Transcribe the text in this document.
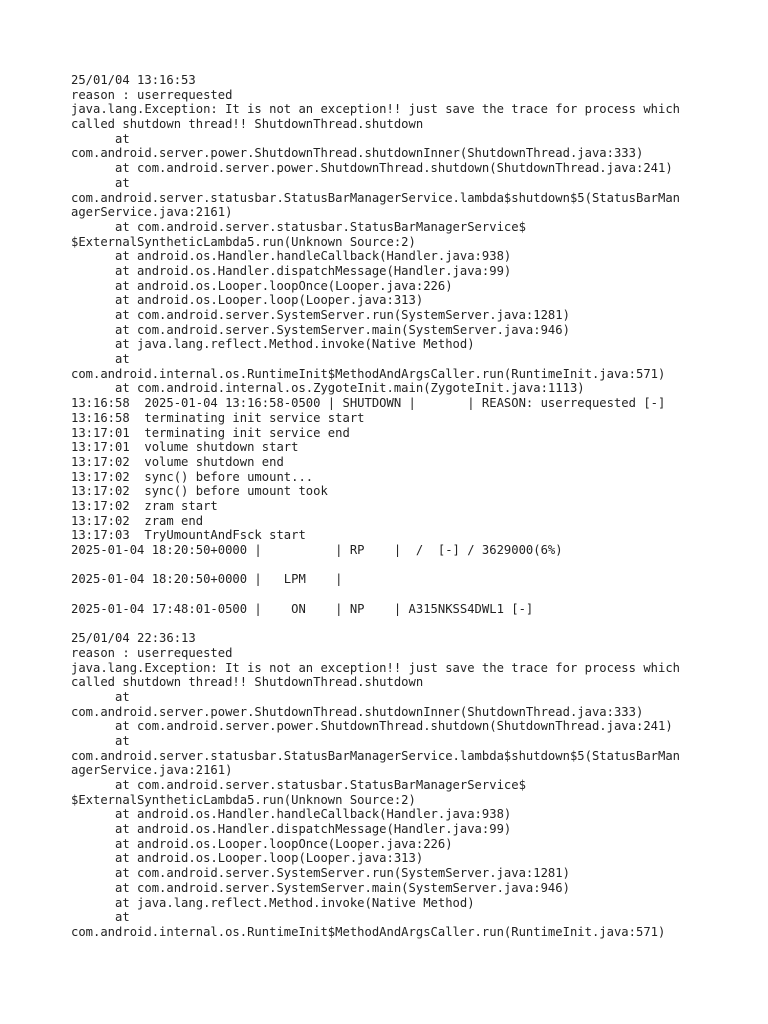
25/01/04 13:16:53
reason : userrequested
java.lang.Exception: It is not an exception!! just save the trace for process which
called shutdown thread!! ShutdownThread.shutdown
at
com.android.server.power.ShutdownThread.shutdownInner(ShutdownThread.java:333)
at com.android.server.power.ShutdownThread.shutdown(ShutdownThread.java:241)
at
com.android.server.statusbar.StatusBarManagerService.lambda$shutdown$5(StatusBarMan
agerService.java:2161)
at com.android.server.statusbar.StatusBarManagerService$
$ExternalSyntheticLambda5.run(Unknown Source:2)
at android.os.Handler.handleCallback(Handler.java:938)
at android.os.Handler.dispatchMessage(Handler.java:99)
at android.os.Looper.loopOnce(Looper.java:226)
at android.os.Looper.loop(Looper.java:313)
at com.android.server.SystemServer.run(SystemServer.java:1281)
at com.android.server.SystemServer.main(SystemServer.java:946)
at java.lang.reflect.Method.invoke(Native Method)
at
com.android.internal.os.RuntimeInit$MethodAndArgsCaller.run(RuntimeInit.java:571)
at com.android.internal.os.ZygoteInit.main(ZygoteInit.java:1113)
13:16:58  2025-01-04 13:16:58-0500 | SHUTDOWN |       | REASON: userrequested [-]
13:16:58  terminating init service start
13:17:01  terminating init service end
13:17:01  volume shutdown start
13:17:02  volume shutdown end
13:17:02  sync() before umount...
13:17:02  sync() before umount took
13:17:02  zram start
13:17:02  zram end
13:17:03  TryUmountAndFsck start
2025-01-04 18:20:50+0000 |          | RP    |  /  [-] / 3629000(6%)
2025-01-04 18:20:50+0000 |   LPM    |
2025-01-04 17:48:01-0500 |    ON    | NP    | A315NKSS4DWL1 [-]
25/01/04 22:36:13
reason : userrequested
java.lang.Exception: It is not an exception!! just save the trace for process which
called shutdown thread!! ShutdownThread.shutdown
at
com.android.server.power.ShutdownThread.shutdownInner(ShutdownThread.java:333)
at com.android.server.power.ShutdownThread.shutdown(ShutdownThread.java:241)
at
com.android.server.statusbar.StatusBarManagerService.lambda$shutdown$5(StatusBarMan
agerService.java:2161)
at com.android.server.statusbar.StatusBarManagerService$
$ExternalSyntheticLambda5.run(Unknown Source:2)
at android.os.Handler.handleCallback(Handler.java:938)
at android.os.Handler.dispatchMessage(Handler.java:99)
at android.os.Looper.loopOnce(Looper.java:226)
at android.os.Looper.loop(Looper.java:313)
at com.android.server.SystemServer.run(SystemServer.java:1281)
at com.android.server.SystemServer.main(SystemServer.java:946)
at java.lang.reflect.Method.invoke(Native Method)
at
com.android.internal.os.RuntimeInit$MethodAndArgsCaller.run(RuntimeInit.java:571)
